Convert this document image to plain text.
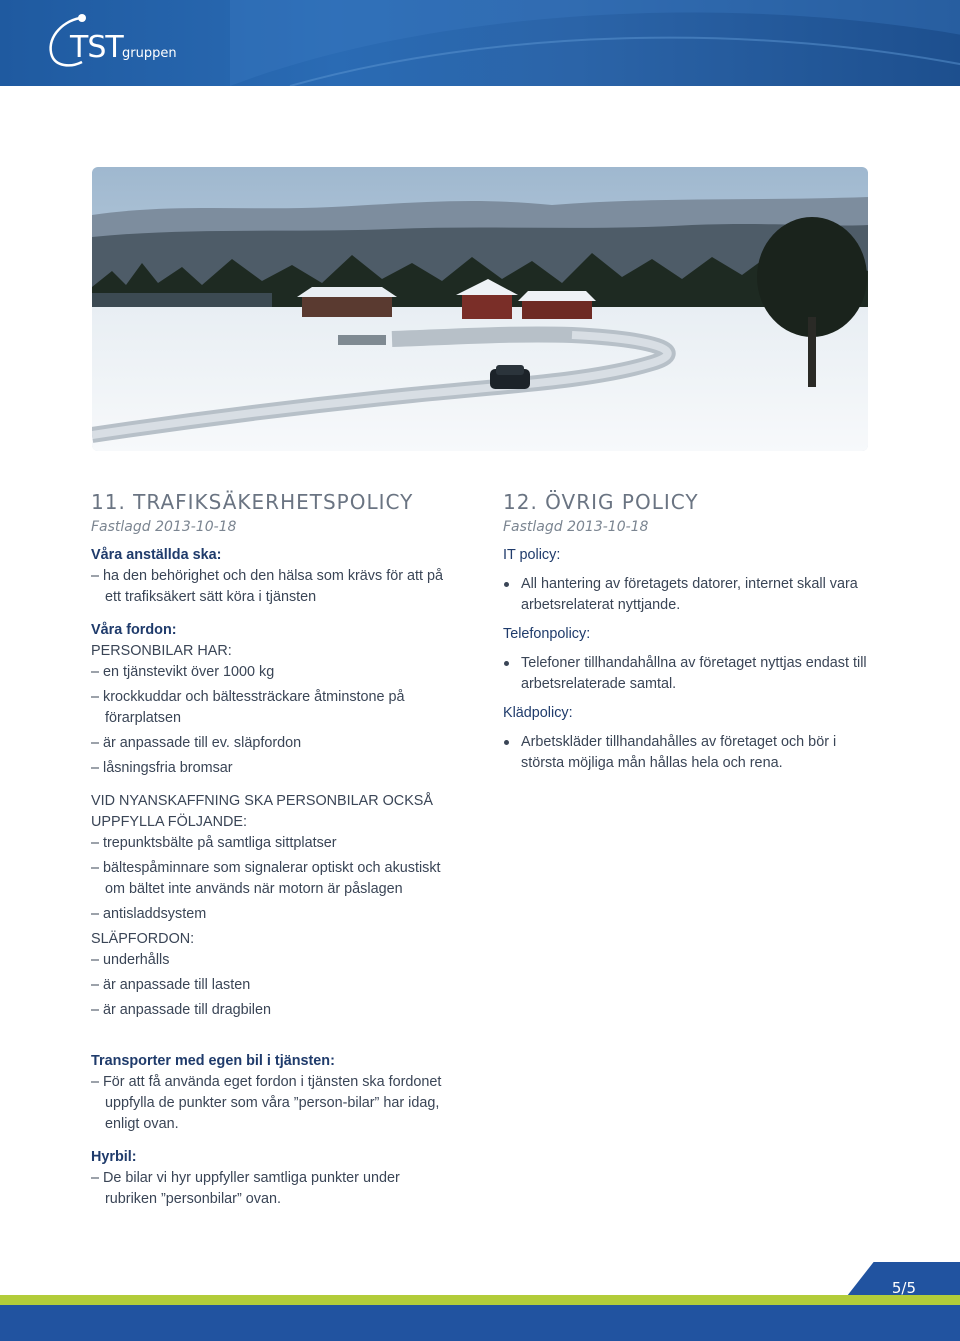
TST gruppen
11. TRAFIKSÄKERHETSPOLICY
Fastlagd 2013-10-18
Våra anställda ska:
– ha den behörighet och den hälsa som krävs för att på ett trafiksäkert sätt köra i tjänsten
Våra fordon:
PERSONBILAR HAR:
– en tjänstevikt över 1000 kg
– krockkuddar och bältessträckare åtminstone på förarplatsen
– är anpassade till ev. släpfordon
– låsningsfria bromsar
VID NYANSKAFFNING SKA PERSONBILAR OCKSÅ UPPFYLLA FÖLJANDE:
– trepunktsbälte på samtliga sittplatser
– bältespåminnare som signalerar optiskt och akustiskt om bältet inte används när motorn är påslagen
– antisladdsystem
SLÄPFORDON:
– underhålls
– är anpassade till lasten
– är anpassade till dragbilen
Transporter med egen bil i tjänsten:
– För att få använda eget fordon i tjänsten ska fordonet uppfylla de punkter som våra ”person-bilar” har idag, enligt ovan.
Hyrbil:
– De bilar vi hyr uppfyller samtliga punkter under rubriken ”personbilar” ovan.
12. ÖVRIG POLICY
Fastlagd 2013-10-18
IT policy:
All hantering av företagets datorer, internet skall vara arbetsrelaterat nyttjande.
Telefonpolicy:
Telefoner tillhandahållna av företaget nyttjas endast till arbetsrelaterade samtal.
Klädpolicy:
Arbetskläder tillhandahålles av företaget och bör i största möjliga mån hållas hela och rena.
5/5
